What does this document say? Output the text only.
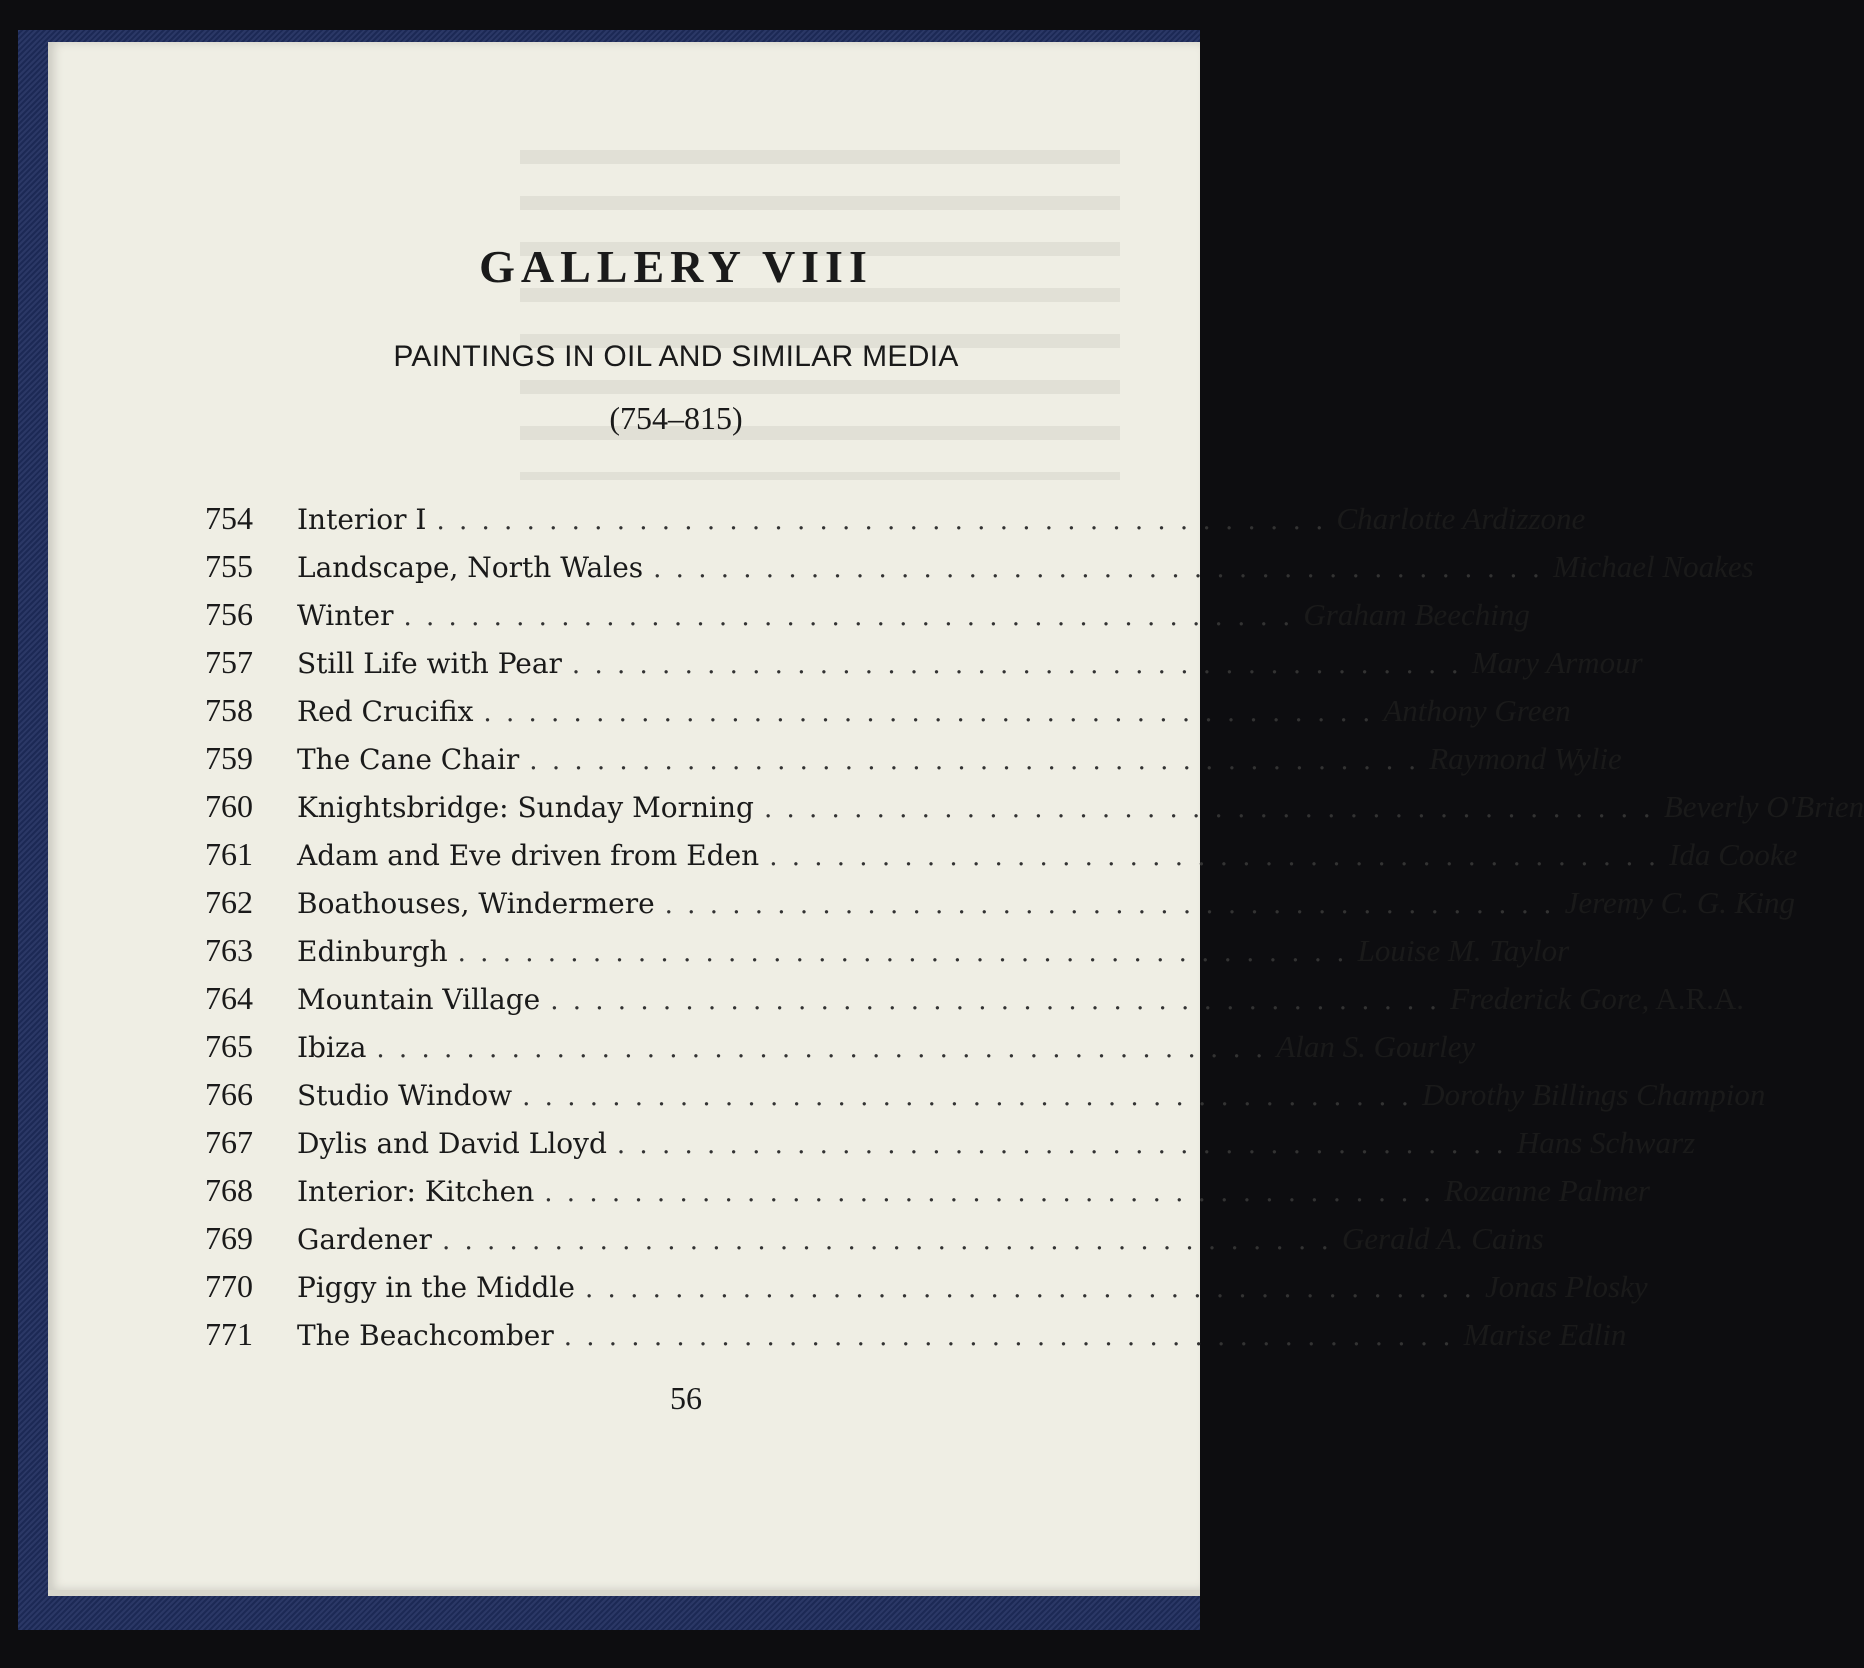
GALLERY VIII
PAINTINGS IN OIL AND SIMILAR MEDIA
(754–815)
754	Interior I . . . . . . . . . . . . . . . . . . . . . . . . . . . . . . . . . . . . . . . . Charlotte Ardizzone
755	Landscape, North Wales . . . . . . . . . . . . . . . . . . . . . . . . . . . . . . . . . . . . . . . . Michael Noakes
756	Winter . . . . . . . . . . . . . . . . . . . . . . . . . . . . . . . . . . . . . . . . Graham Beeching
757	Still Life with Pear . . . . . . . . . . . . . . . . . . . . . . . . . . . . . . . . . . . . . . . . Mary Armour
758	Red Crucifix . . . . . . . . . . . . . . . . . . . . . . . . . . . . . . . . . . . . . . . . Anthony Green
759	The Cane Chair . . . . . . . . . . . . . . . . . . . . . . . . . . . . . . . . . . . . . . . . Raymond Wylie
760	Knightsbridge: Sunday Morning . . . . . . . . . . . . . . . . . . . . . . . . . . . . . . . . . . . . . . . . Beverly O'Brien
761	Adam and Eve driven from Eden . . . . . . . . . . . . . . . . . . . . . . . . . . . . . . . . . . . . . . . . Ida Cooke
762	Boathouses, Windermere . . . . . . . . . . . . . . . . . . . . . . . . . . . . . . . . . . . . . . . . Jeremy C. G. King
763	Edinburgh . . . . . . . . . . . . . . . . . . . . . . . . . . . . . . . . . . . . . . . . Louise M. Taylor
764	Mountain Village . . . . . . . . . . . . . . . . . . . . . . . . . . . . . . . . . . . . . . . . Frederick Gore, A.R.A.
765	Ibiza . . . . . . . . . . . . . . . . . . . . . . . . . . . . . . . . . . . . . . . . Alan S. Gourley
766	Studio Window . . . . . . . . . . . . . . . . . . . . . . . . . . . . . . . . . . . . . . . . Dorothy Billings Champion
767	Dylis and David Lloyd . . . . . . . . . . . . . . . . . . . . . . . . . . . . . . . . . . . . . . . . Hans Schwarz
768	Interior: Kitchen . . . . . . . . . . . . . . . . . . . . . . . . . . . . . . . . . . . . . . . . Rozanne Palmer
769	Gardener . . . . . . . . . . . . . . . . . . . . . . . . . . . . . . . . . . . . . . . . Gerald A. Cains
770	Piggy in the Middle . . . . . . . . . . . . . . . . . . . . . . . . . . . . . . . . . . . . . . . . Jonas Plosky
771	The Beachcomber . . . . . . . . . . . . . . . . . . . . . . . . . . . . . . . . . . . . . . . . Marise Edlin
56
